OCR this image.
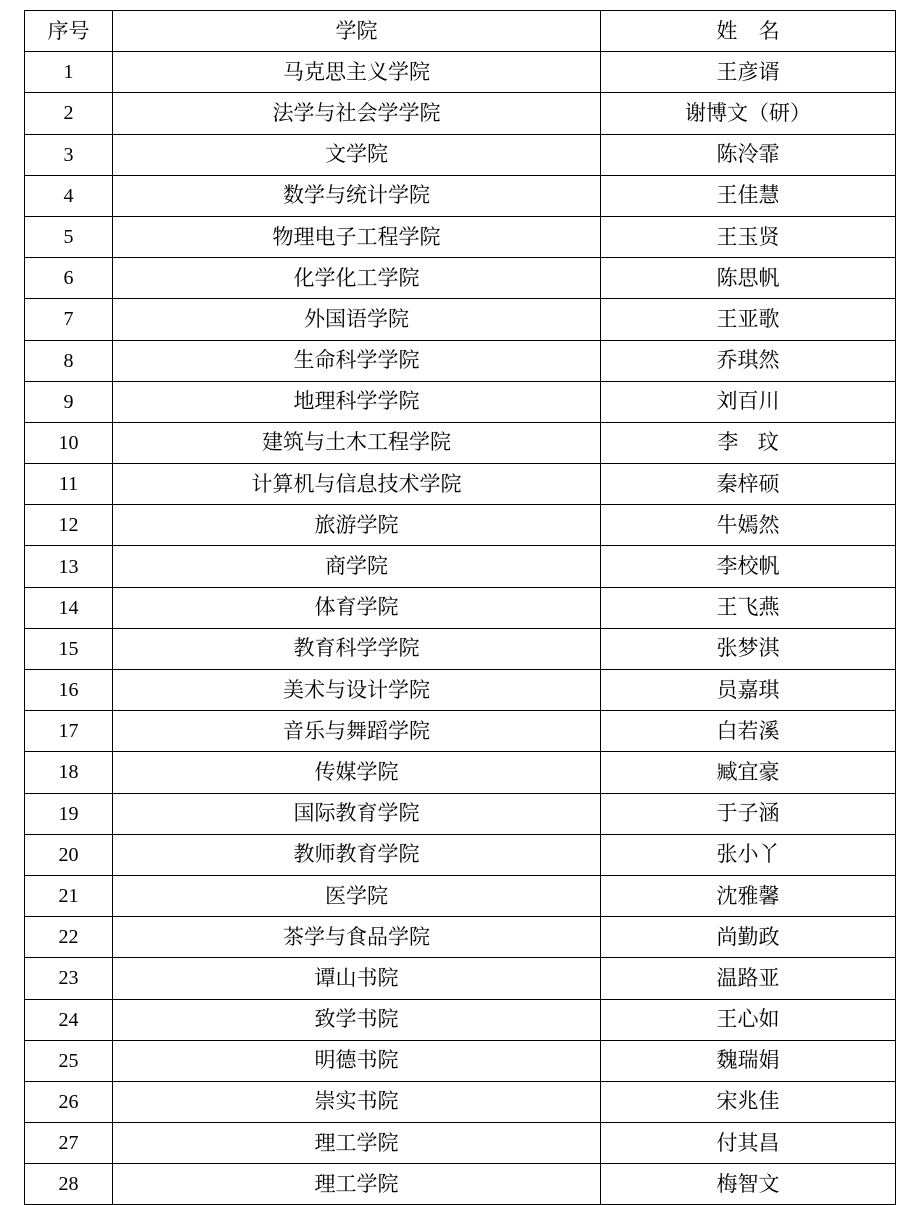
序号	学院	姓 名
1	马克思主义学院	王彦谞
2	法学与社会学学院	谢博文（研）
3	文学院	陈泠霏
4	数学与统计学院	王佳慧
5	物理电子工程学院	王玉贤
6	化学化工学院	陈思帆
7	外国语学院	王亚歌
8	生命科学学院	乔琪然
9	地理科学学院	刘百川
10	建筑与土木工程学院	李 玟
11	计算机与信息技术学院	秦梓硕
12	旅游学院	牛嫣然
13	商学院	李校帆
14	体育学院	王飞燕
15	教育科学学院	张梦淇
16	美术与设计学院	员嘉琪
17	音乐与舞蹈学院	白若溪
18	传媒学院	臧宜豪
19	国际教育学院	于子涵
20	教师教育学院	张小丫
21	医学院	沈雅馨
22	茶学与食品学院	尚勤政
23	谭山书院	温路亚
24	致学书院	王心如
25	明德书院	魏瑞娟
26	崇实书院	宋兆佳
27	理工学院	付其昌
28	理工学院	梅智文
